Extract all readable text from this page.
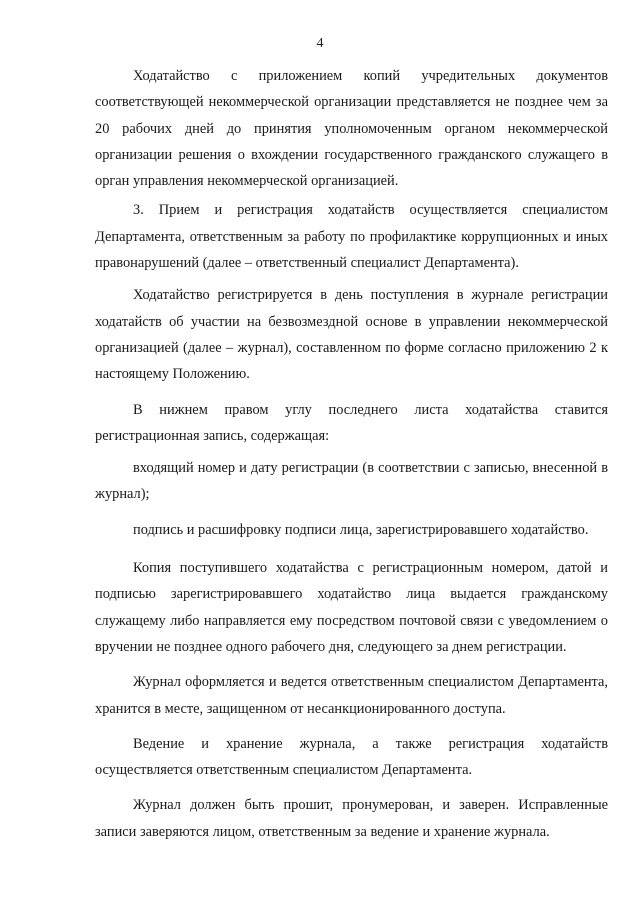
4

Ходатайство с приложением копий учредительных документов соответствующей некоммерческой организации представляется не позднее чем за 20 рабочих дней до принятия уполномоченным органом некоммерческой организации решения о вхождении государственного гражданского служащего в орган управления некоммерческой организацией.

3. Прием и регистрация ходатайств осуществляется специалистом Департамента, ответственным за работу по профилактике коррупционных и иных правонарушений (далее – ответственный специалист Департамента).

Ходатайство регистрируется в день поступления в журнале регистрации ходатайств об участии на безвозмездной основе в управлении некоммерческой организацией (далее – журнал), составленном по форме согласно приложению 2 к настоящему Положению.

В нижнем правом углу последнего листа ходатайства ставится регистрационная запись, содержащая:

входящий номер и дату регистрации (в соответствии с записью, внесенной в журнал);

подпись и расшифровку подписи лица, зарегистрировавшего ходатайство.

Копия поступившего ходатайства с регистрационным номером, датой и подписью зарегистрировавшего ходатайство лица выдается гражданскому служащему либо направляется ему посредством почтовой связи с уведомлением о вручении не позднее одного рабочего дня, следующего за днем регистрации.

Журнал оформляется и ведется ответственным специалистом Департамента, хранится в месте, защищенном от несанкционированного доступа.

Ведение и хранение журнала, а также регистрация ходатайств осуществляется ответственным специалистом Департамента.

Журнал должен быть прошит, пронумерован, и заверен. Исправленные записи заверяются лицом, ответственным за ведение и хранение журнала.
